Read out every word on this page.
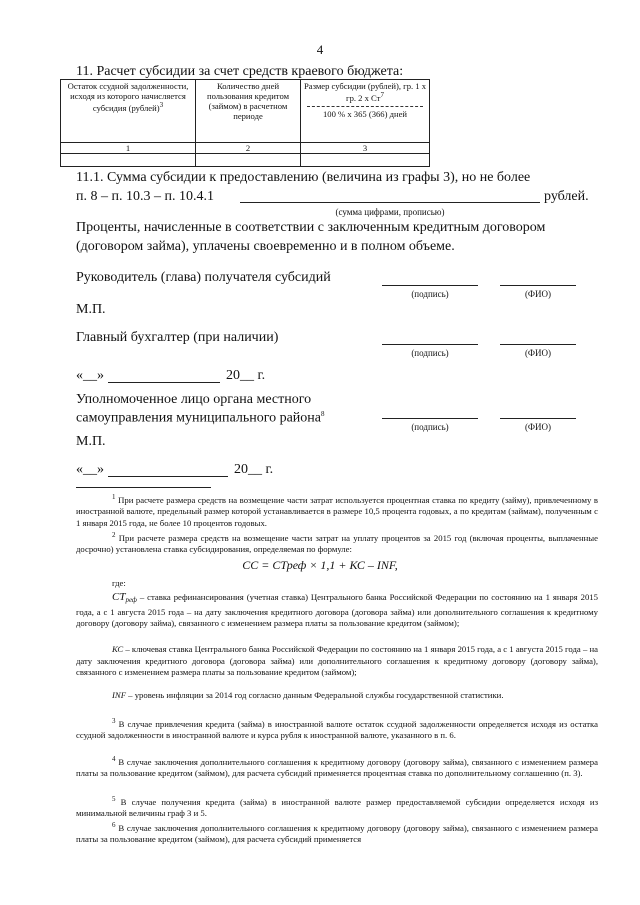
4
11. Расчет субсидии за счет средств краевого бюджета:
Остаток ссудной задолженности, исходя из которого начисляется субсидия (рублей)$^3$	Количество дней пользования кредитом (займом) в расчетном периоде	Размер субсидии (рублей), гр. 1 х гр. 2 х $Ст^7$
100 % х 365 (366) дней
1	2	3

11.1. Сумма субсидии к предоставлению (величина из графы 3), но не более
п. 8 – п. 10.3 – п. 10.4.1	рублей.
(сумма цифрами, прописью)
Проценты, начисленные в соответствии с заключенным кредитным договором
(договором займа), уплачены своевременно и в полном объеме.
Руководитель (глава) получателя субсидий
(подпись)	(ФИО)
М.П.
Главный бухгалтер (при наличии)
(подпись)	(ФИО)
«__»	20__ г.
Уполномоченное лицо органа местного
самоуправления муниципального района$^8$
(подпись)	(ФИО)
М.П.
«__»	20__ г.
$^1$ При расчете размера средств на возмещение части затрат используется процентная ставка по кредиту (займу), привлеченному в иностранной валюте, предельный размер которой устанавливается в размере 10,5 процента годовых, а по кредитам (займам), полученным с 1 января 2015 года, не более 10 процентов годовых.
$^2$ При расчете размера средств на возмещение части затрат на уплату процентов за 2015 год (включая проценты, выплаченные досрочно) установлена ставка субсидирования, определяемая по формуле:
СС = СТреф × 1,1 + КС – INF,
где:
$СТ_{реф}$ – ставка рефинансирования (учетная ставка) Центрального банка Российской Федерации по состоянию на 1 января 2015 года, а с 1 августа 2015 года – на дату заключения кредитного договора (договора займа) или дополнительного соглашения к кредитному договору (договору займа), связанного с изменением размера платы за пользование кредитом (займом);
КС – ключевая ставка Центрального банка Российской Федерации по состоянию на 1 января 2015 года, а с 1 августа 2015 года – на дату заключения кредитного договора (договора займа) или дополнительного соглашения к кредитному договору (договору займа), связанного с изменением размера платы за пользование кредитом (займом);
INF – уровень инфляции за 2014 год согласно данным Федеральной службы государственной статистики.
$^3$ В случае привлечения кредита (займа) в иностранной валюте остаток ссудной задолженности определяется исходя из остатка ссудной задолженности в иностранной валюте и курса рубля к иностранной валюте, указанного в п. 6.
$^4$ В случае заключения дополнительного соглашения к кредитному договору (договору займа), связанного с изменением размера платы за пользование кредитом (займом), для расчета субсидий применяется процентная ставка по дополнительному соглашению (п. 3).
$^5$ В случае получения кредита (займа) в иностранной валюте размер предоставляемой субсидии определяется исходя из минимальной величины граф 3 и 5.
$^6$ В случае заключения дополнительного соглашения к кредитному договору (договору займа), связанного с изменением размера платы за пользование кредитом (займом), для расчета субсидий применяется
